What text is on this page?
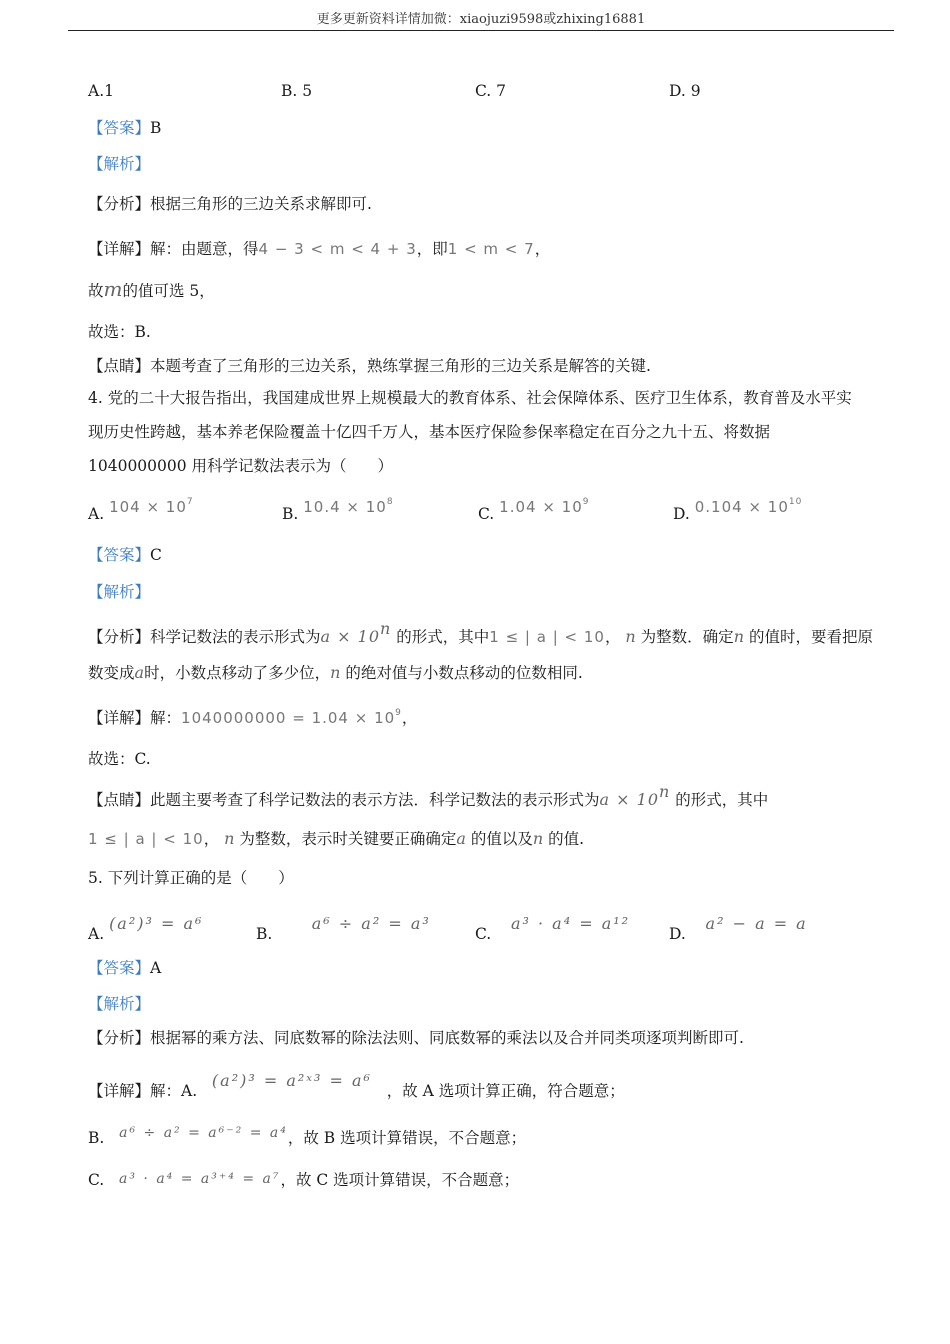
更多更新资料详情加微：xiaojuzi9598或zhixing16881
A.1	B. 5	C. 7	D. 9
【答案】B
【解析】
【分析】根据三角形的三边关系求解即可.
【详解】解：由题意，得4 − 3 < m < 4 + 3，即1 < m < 7，
故m的值可选 5，
故选：B.
【点睛】本题考查了三角形的三边关系，熟练掌握三角形的三边关系是解答的关键.
4. 党的二十大报告指出，我国建成世界上规模最大的教育体系、社会保障体系、医疗卫生体系，教育普及水平实现历史性跨越，基本养老保险覆盖十亿四千万人，基本医疗保险参保率稳定在百分之九十五、将数据 1040000000 用科学记数法表示为（　　）
A. $104 \times 10^7$
B. $10.4 \times 10^8$
C. $1.04 \times 10^9$
D. $0.104 \times 10^{10}$
【答案】C
【解析】
【分析】科学记数法的表示形式为$a \times 10^n$ 的形式，其中1 ≤ | a | < 10， n 为整数．确定n 的值时，要看把原
数变成a时，小数点移动了多少位，n 的绝对值与小数点移动的位数相同.
【详解】解：$1040000000 = 1.04 \times 10^9$，
故选：C.
【点睛】此题主要考查了科学记数法的表示方法．科学记数法的表示形式为$a \times 10^n$ 的形式，其中
1 ≤ | a | < 10， n 为整数，表示时关键要正确确定a 的值以及n 的值.
5. 下列计算正确的是（　　）
A. (a²)³ = a⁶
B.        a⁶ ÷ a² = a³
C.    a³ · a⁴ = a¹²
D.    a² − a = a
【答案】A
【解析】
【分析】根据幂的乘方法、同底数幂的除法法则、同底数幂的乘法以及合并同类项逐项判断即可.
【详解】解：A.   (a²)³ = a²ˣ³ = a⁶   ，故 A 选项计算正确，符合题意；
B. a⁶ ÷ a² = a⁶⁻² = a⁴，故 B 选项计算错误，不合题意；
C. a³ · a⁴ = a³⁺⁴ = a⁷，故 C 选项计算错误，不合题意；
